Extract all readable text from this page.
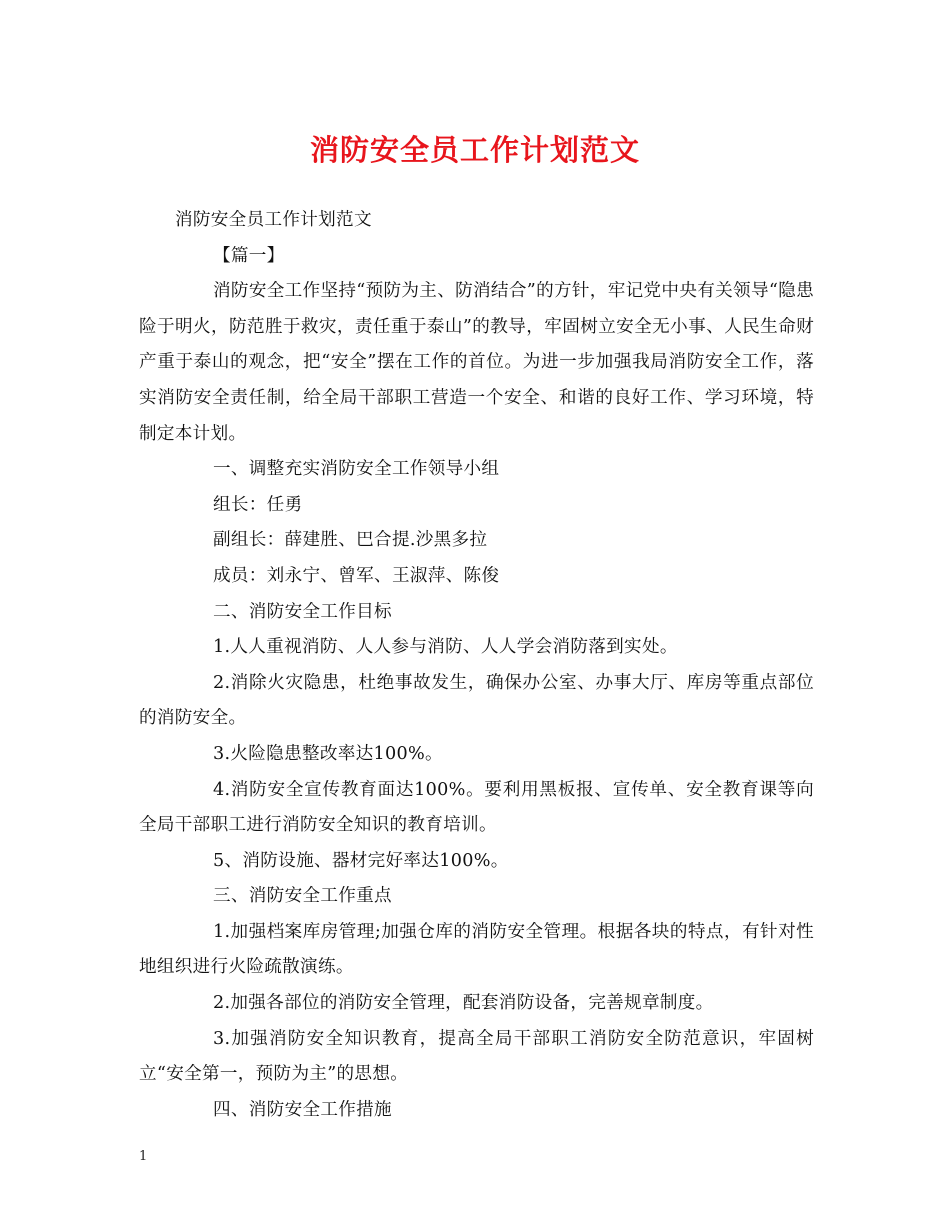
消防安全员工作计划范文

消防安全员工作计划范文

【篇一】

消防安全工作坚持“预防为主、防消结合”的方针，牢记党中央有关领导“隐患险于明火，防范胜于救灾，责任重于泰山”的教导，牢固树立安全无小事、人民生命财产重于泰山的观念，把“安全”摆在工作的首位。为进一步加强我局消防安全工作，落实消防安全责任制，给全局干部职工营造一个安全、和谐的良好工作、学习环境，特制定本计划。

一、调整充实消防安全工作领导小组

组长：任勇

副组长：薛建胜、巴合提.沙黑多拉

成员：刘永宁、曾军、王淑萍、陈俊

二、消防安全工作目标

1.人人重视消防、人人参与消防、人人学会消防落到实处。

2.消除火灾隐患，杜绝事故发生，确保办公室、办事大厅、库房等重点部位的消防安全。

3.火险隐患整改率达100%。

4.消防安全宣传教育面达100%。要利用黑板报、宣传单、安全教育课等向全局干部职工进行消防安全知识的教育培训。

5、消防设施、器材完好率达100%。

三、消防安全工作重点

1.加强档案库房管理;加强仓库的消防安全管理。根据各块的特点，有针对性地组织进行火险疏散演练。

2.加强各部位的消防安全管理，配套消防设备，完善规章制度。

3.加强消防安全知识教育，提高全局干部职工消防安全防范意识，牢固树立“安全第一，预防为主”的思想。

四、消防安全工作措施

1
